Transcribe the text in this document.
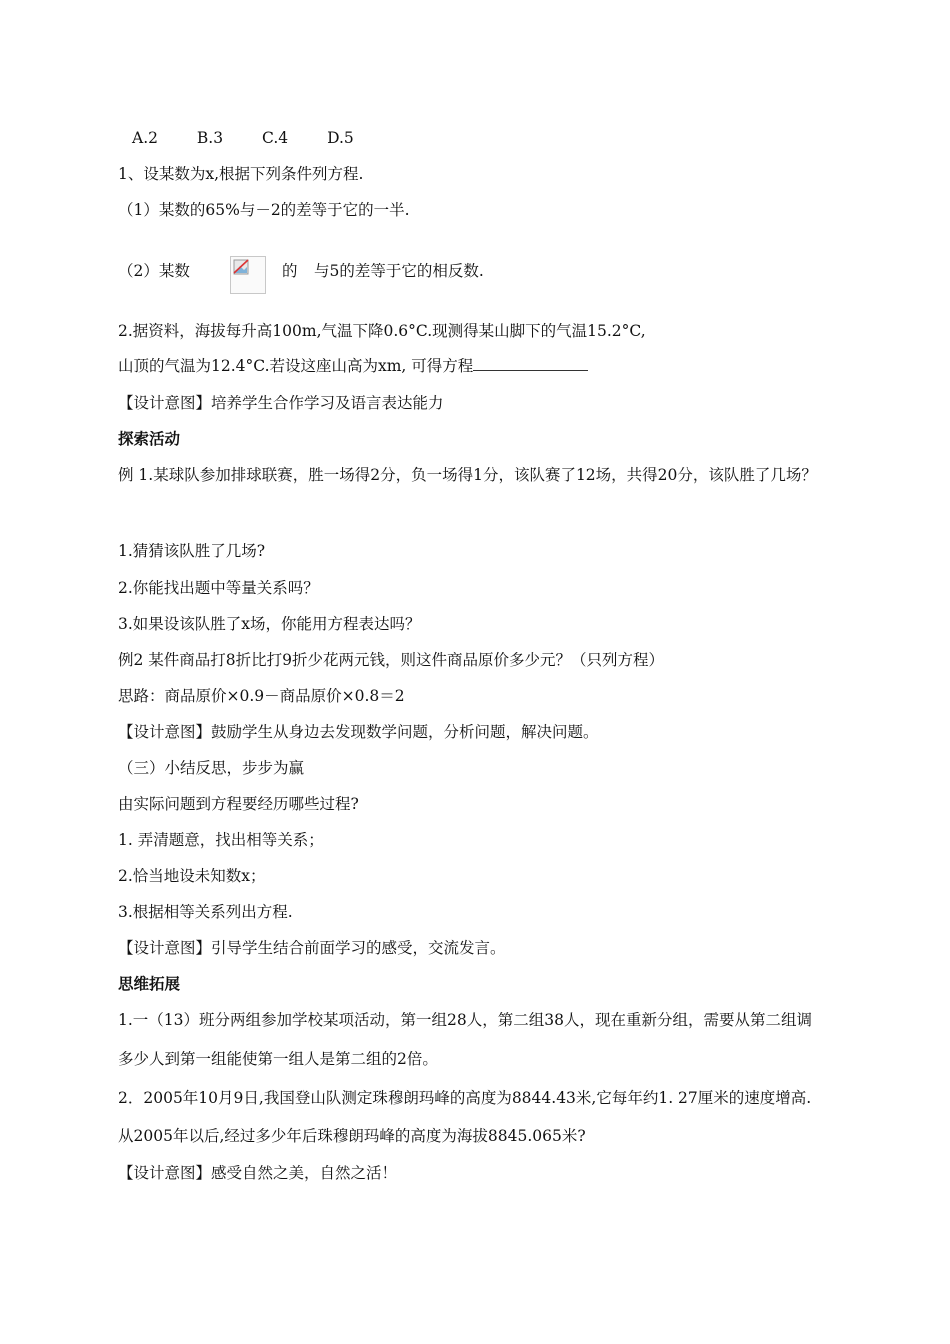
A.2	B.3	C.4	D.5
1、设某数为x,根据下列条件列方程.
（1）某数的65%与－2的差等于它的一半.
（2）某数	的 与5的差等于它的相反数.
2.据资料，海拔每升高100m,气温下降0.6°C.现测得某山脚下的气温15.2°C,
山顶的气温为12.4°C.若设这座山高为xm, 可得方程
【设计意图】培养学生合作学习及语言表达能力
探索活动
例 1.某球队参加排球联赛，胜一场得2分，负一场得1分，该队赛了12场，共得20分，该队胜了几场？
1.猜猜该队胜了几场?
2.你能找出题中等量关系吗？
3.如果设该队胜了x场，你能用方程表达吗？
例2 某件商品打8折比打9折少花两元钱，则这件商品原价多少元？（只列方程）
思路：商品原价×0.9－商品原价×0.8＝2
【设计意图】鼓励学生从身边去发现数学问题，分析问题，解决问题。
（三）小结反思，步步为赢
由实际问题到方程要经历哪些过程?
1. 弄清题意，找出相等关系；
2.恰当地设未知数x；
3.根据相等关系列出方程.
【设计意图】引导学生结合前面学习的感受，交流发言。
思维拓展
1.一（13）班分两组参加学校某项活动，第一组28人，第二组38人，现在重新分组，需要从第二组调
多少人到第一组能使第一组人是第二组的2倍。
2．2005年10月9日,我国登山队测定珠穆朗玛峰的高度为8844.43米,它每年约1. 27厘米的速度增高.
从2005年以后,经过多少年后珠穆朗玛峰的高度为海拔8845.065米?
【设计意图】感受自然之美，自然之活！
